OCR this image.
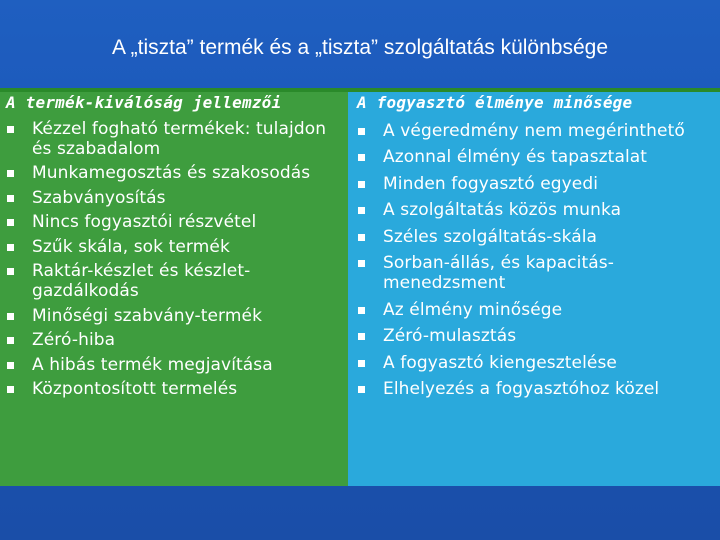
A „tiszta” termék és a „tiszta” szolgáltatás különbsége
A termék-kiválóság jellemzői
Kézzel fogható termékek: tulajdon és szabadalom
Munkamegosztás és szakosodás
Szabványosítás
Nincs fogyasztói részvétel
Szűk skála, sok termék
Raktár-készlet és készlet-gazdálkodás
Minőségi szabvány-termék
Zéró-hiba
A hibás termék megjavítása
Központosított termelés
A fogyasztó élménye minősége
A végeredmény nem megérinthető
Azonnal élmény és tapasztalat
Minden fogyasztó egyedi
A szolgáltatás közös munka
Széles szolgáltatás-skála
Sorban-állás, és kapacitás-menedzsment
Az élmény minősége
Zéró-mulasztás
A fogyasztó kiengesztelése
Elhelyezés a fogyasztóhoz közel
